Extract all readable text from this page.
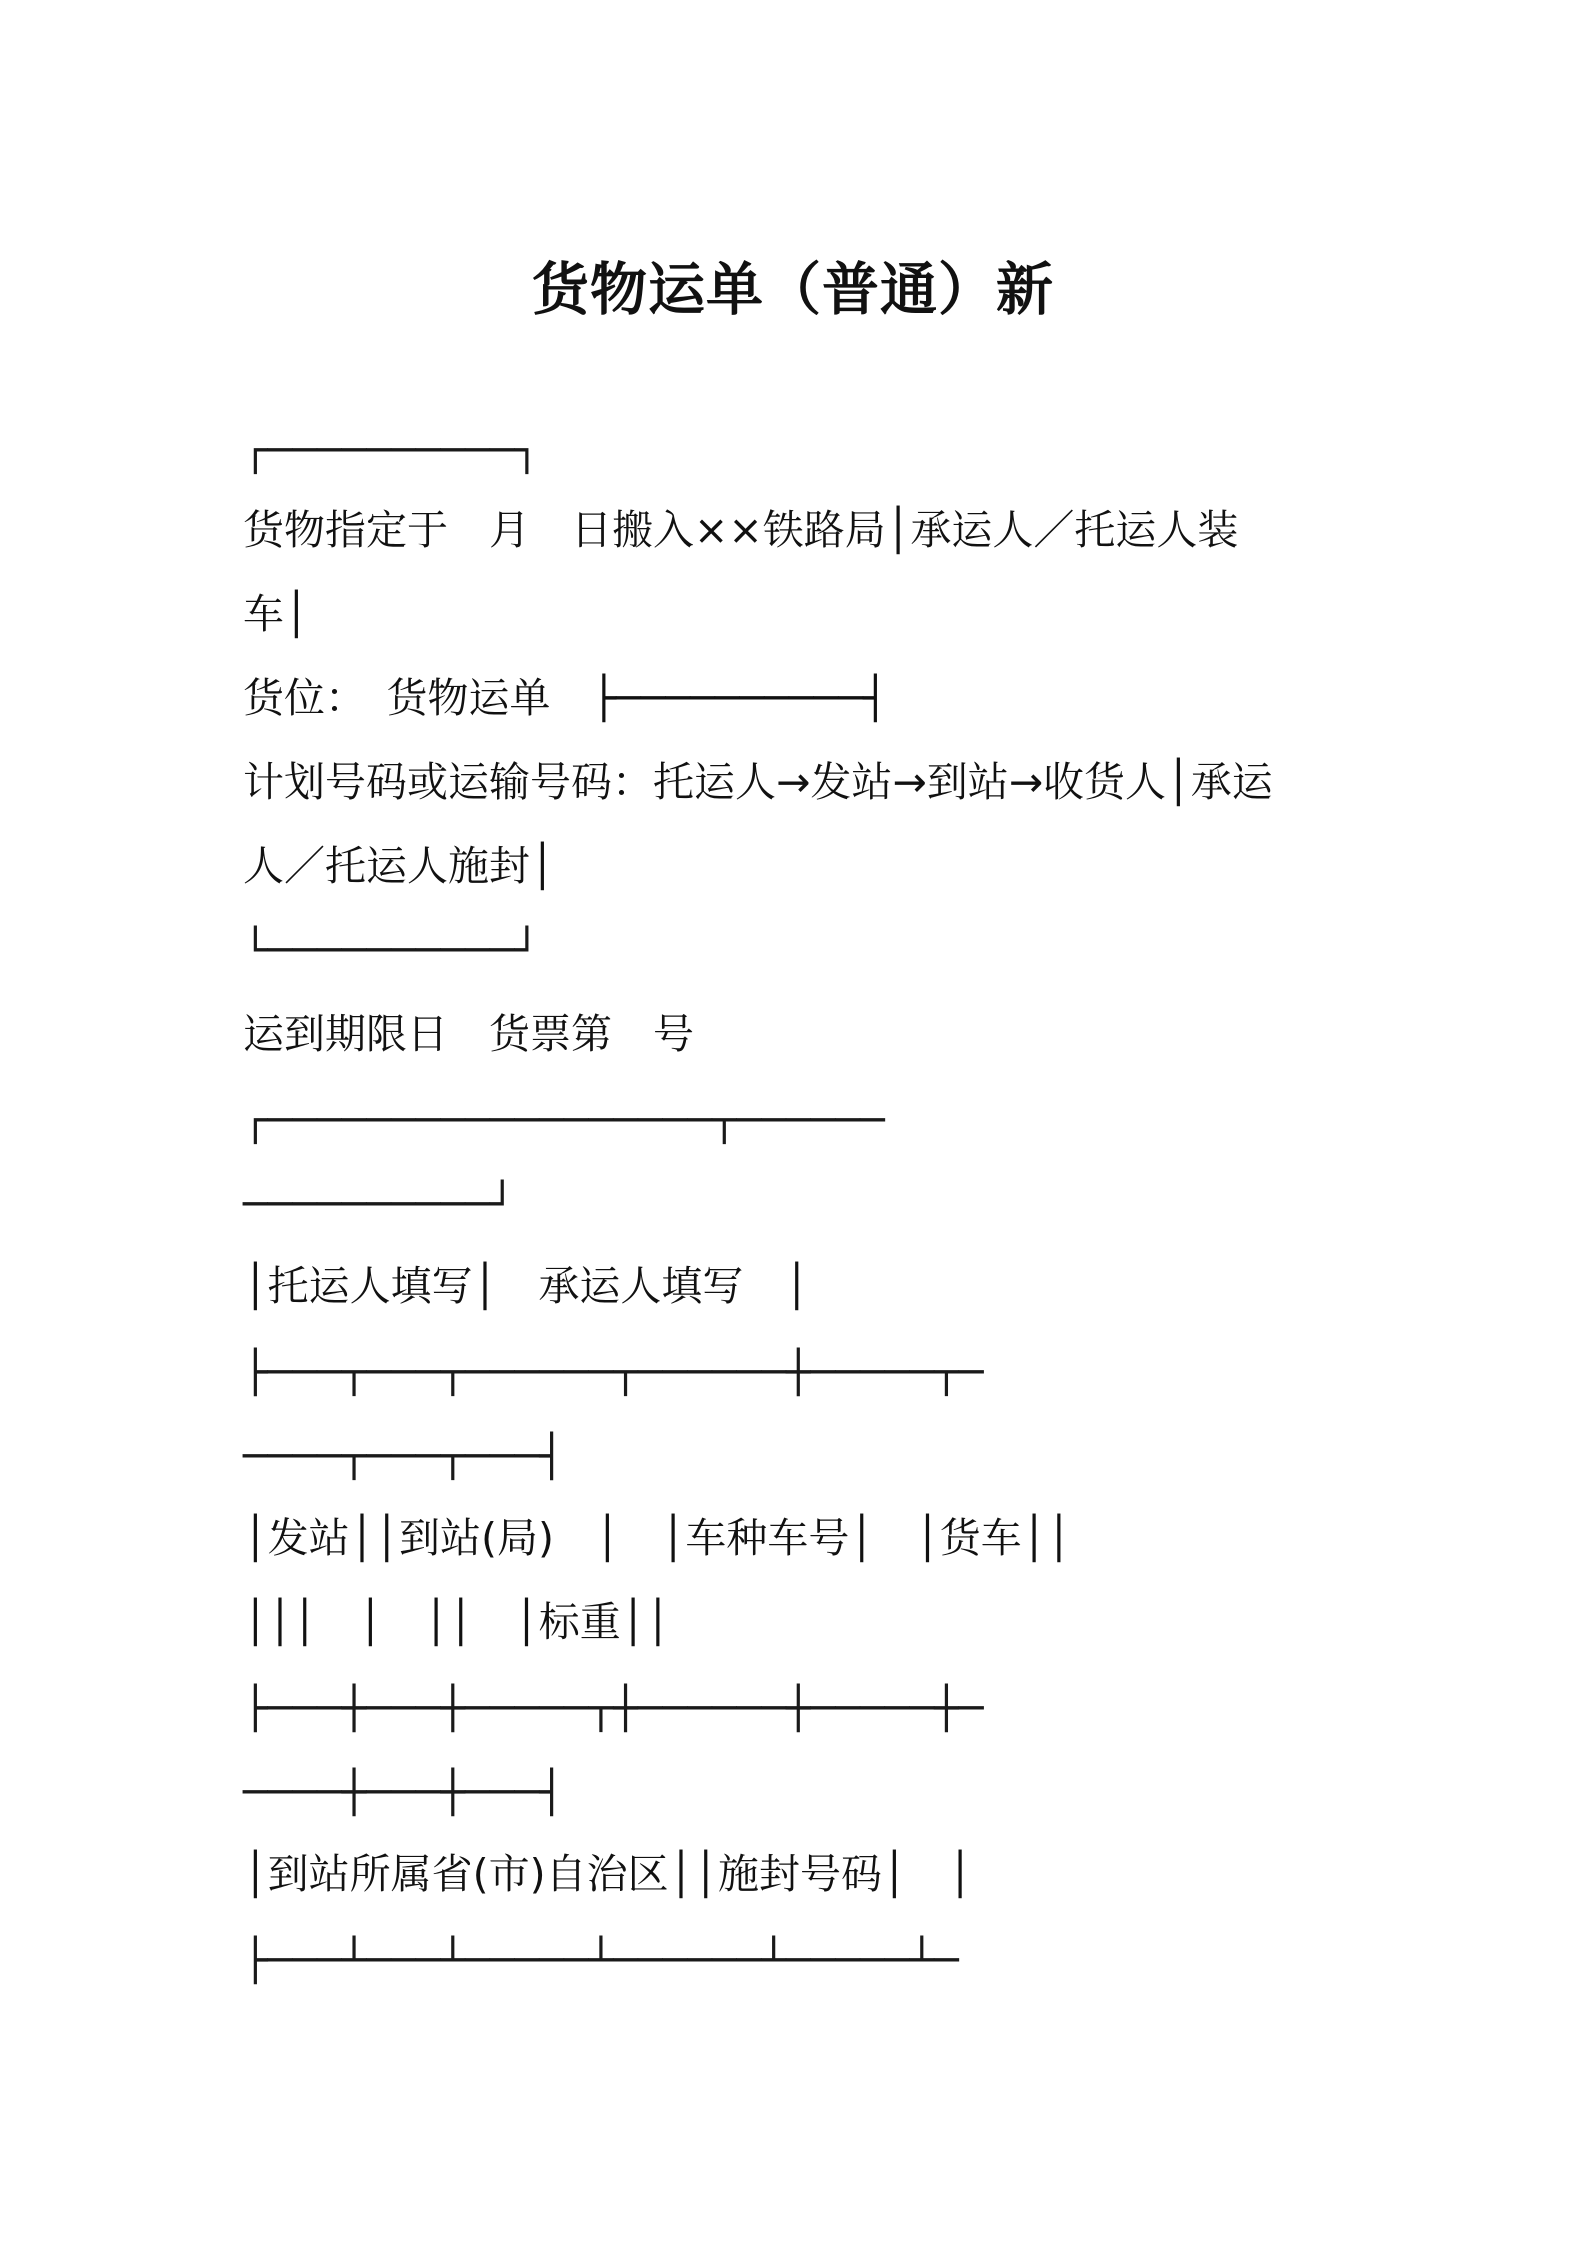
货物运单（普通）新
┌──────────┐

货物指定于　月　日搬入××铁路局│承运人／托运人装

车│

货位：　货物运单　├──────────┤

计划号码或运输号码：托运人→发站→到站→收货人│承运

人／托运人施封│

└──────────┘

运到期限日　货票第　号

┌──────────────────┬──────
──────────┘

│托运人填写│　承运人填写　│

├───┬───┬──────┬──────┼─────┬─
────┬───┬───┤

│发站││到站(局)　│　│车种车号│　│货车││

│││　│　││　│标重││

├───┼───┼─────┬┼──────┼─────┼─
────┼───┼───┤

│到站所属省(市)自治区││施封号码│　│

├───┴───┴─────┴──────┴─────┴─
